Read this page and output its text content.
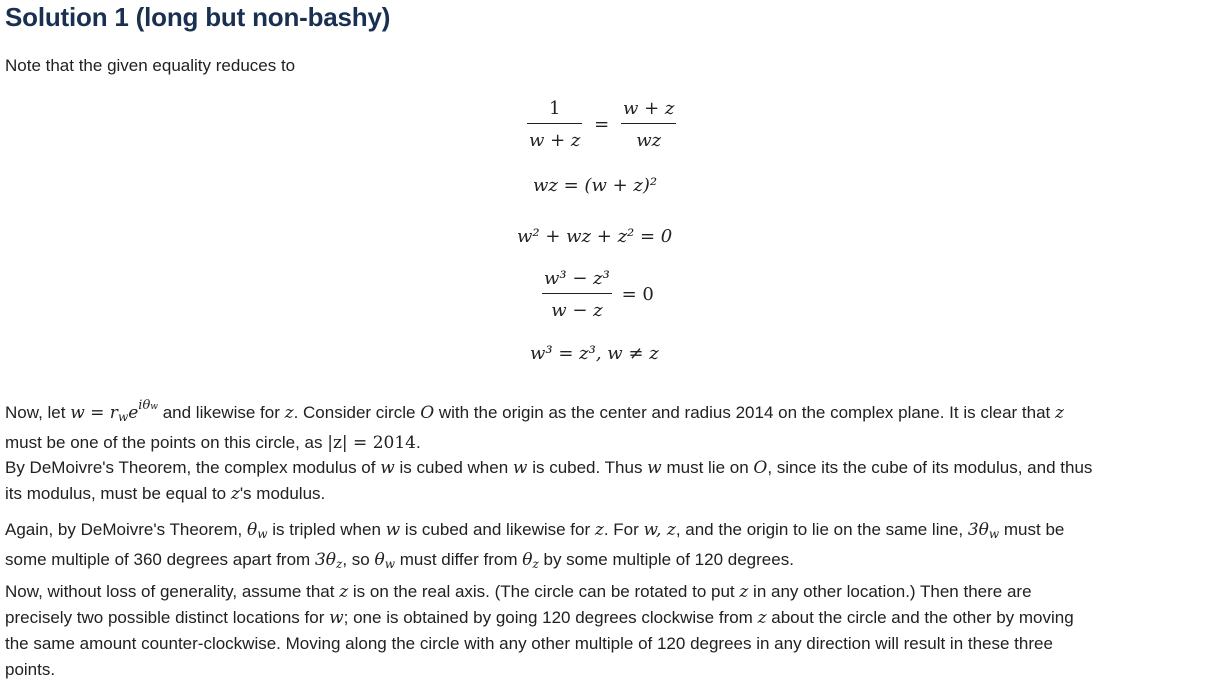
Solution 1 (long but non-bashy)

Note that the given equality reduces to

$\frac{1}{w + z} = \frac{w + z}{wz}$
wz = (w + z)²
w² + wz + z² = 0
$\frac{\text{w³ − z³}}{w - z} = 0$
w³ = z³, w ≠ z

Now, let $w = r_we^{i\theta w}$ and likewise for z. Consider circle O with the origin as the center and radius 2014 on the complex plane. It is clear that z
must be one of the points on this circle, as |z| = 2014.

By DeMoivre's Theorem, the complex modulus of w is cubed when w is cubed. Thus w must lie on O, since its the cube of its modulus, and thus
its modulus, must be equal to z's modulus.

Again, by DeMoivre's Theorem, $\theta_w$ is tripled when w is cubed and likewise for z. For w, z, and the origin to lie on the same line, $3\theta_w$ must be
some multiple of 360 degrees apart from $3\theta_z$, so $\theta_w$ must differ from $\theta_z$ by some multiple of 120 degrees.

Now, without loss of generality, assume that z is on the real axis. (The circle can be rotated to put z in any other location.) Then there are
precisely two possible distinct locations for w; one is obtained by going 120 degrees clockwise from z about the circle and the other by moving
the same amount counter-clockwise. Moving along the circle with any other multiple of 120 degrees in any direction will result in these three
points.
